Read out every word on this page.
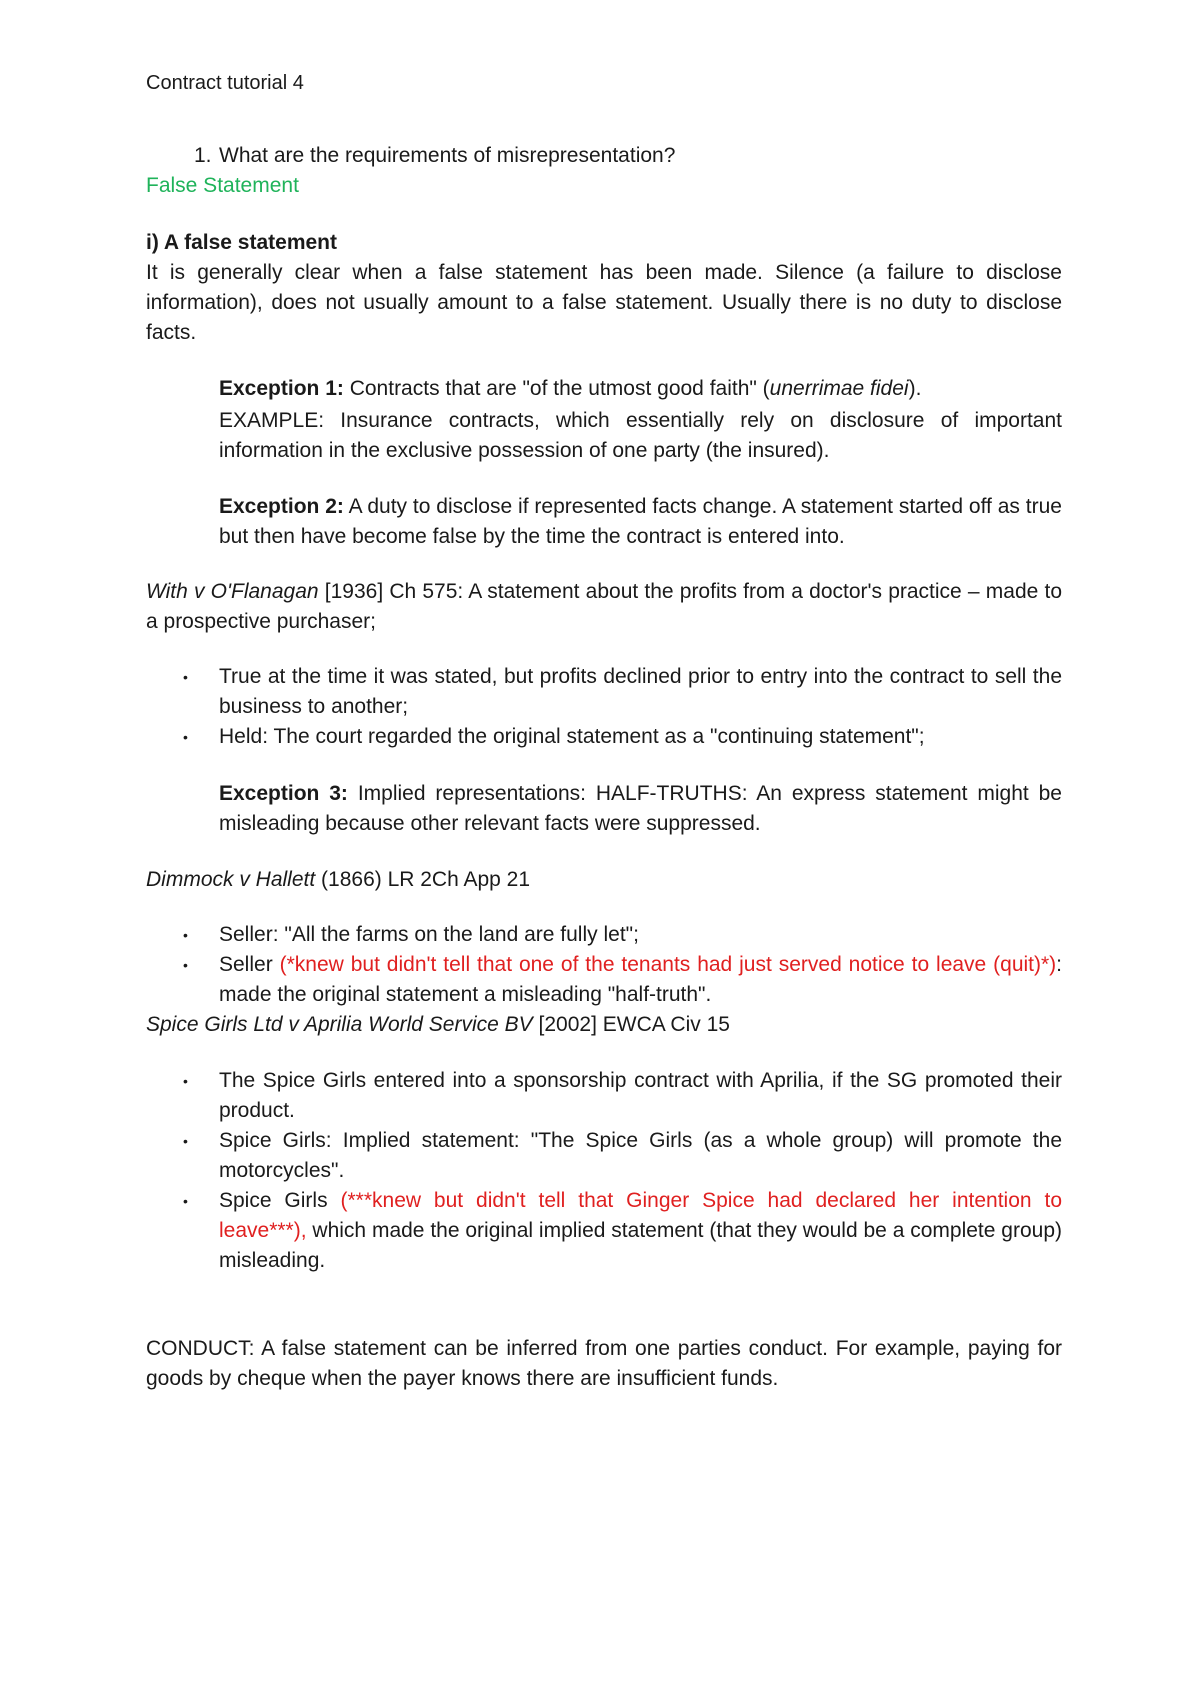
Contract tutorial 4

1. What are the requirements of misrepresentation?

False Statement

i) A false statement

It is generally clear when a false statement has been made. Silence (a failure to disclose information), does not usually amount to a false statement. Usually there is no duty to disclose facts.

Exception 1: Contracts that are "of the utmost good faith" (unerrimae fidei).

EXAMPLE: Insurance contracts, which essentially rely on disclosure of important information in the exclusive possession of one party (the insured).

Exception 2: A duty to disclose if represented facts change. A statement started off as true but then have become false by the time the contract is entered into.

With v O'Flanagan [1936] Ch 575: A statement about the profits from a doctor's practice – made to a prospective purchaser;

• True at the time it was stated, but profits declined prior to entry into the contract to sell the business to another;
• Held: The court regarded the original statement as a "continuing statement";

Exception 3: Implied representations: HALF-TRUTHS: An express statement might be misleading because other relevant facts were suppressed.

Dimmock v Hallett (1866) LR 2Ch App 21

• Seller: "All the farms on the land are fully let";
• Seller (*knew but didn't tell that one of the tenants had just served notice to leave (quit)*): made the original statement a misleading "half-truth".

Spice Girls Ltd v Aprilia World Service BV [2002] EWCA Civ 15

• The Spice Girls entered into a sponsorship contract with Aprilia, if the SG promoted their product.
• Spice Girls: Implied statement: "The Spice Girls (as a whole group) will promote the motorcycles".
• Spice Girls (***knew but didn't tell that Ginger Spice had declared her intention to leave***), which made the original implied statement (that they would be a complete group) misleading.

CONDUCT: A false statement can be inferred from one parties conduct. For example, paying for goods by cheque when the payer knows there are insufficient funds.
